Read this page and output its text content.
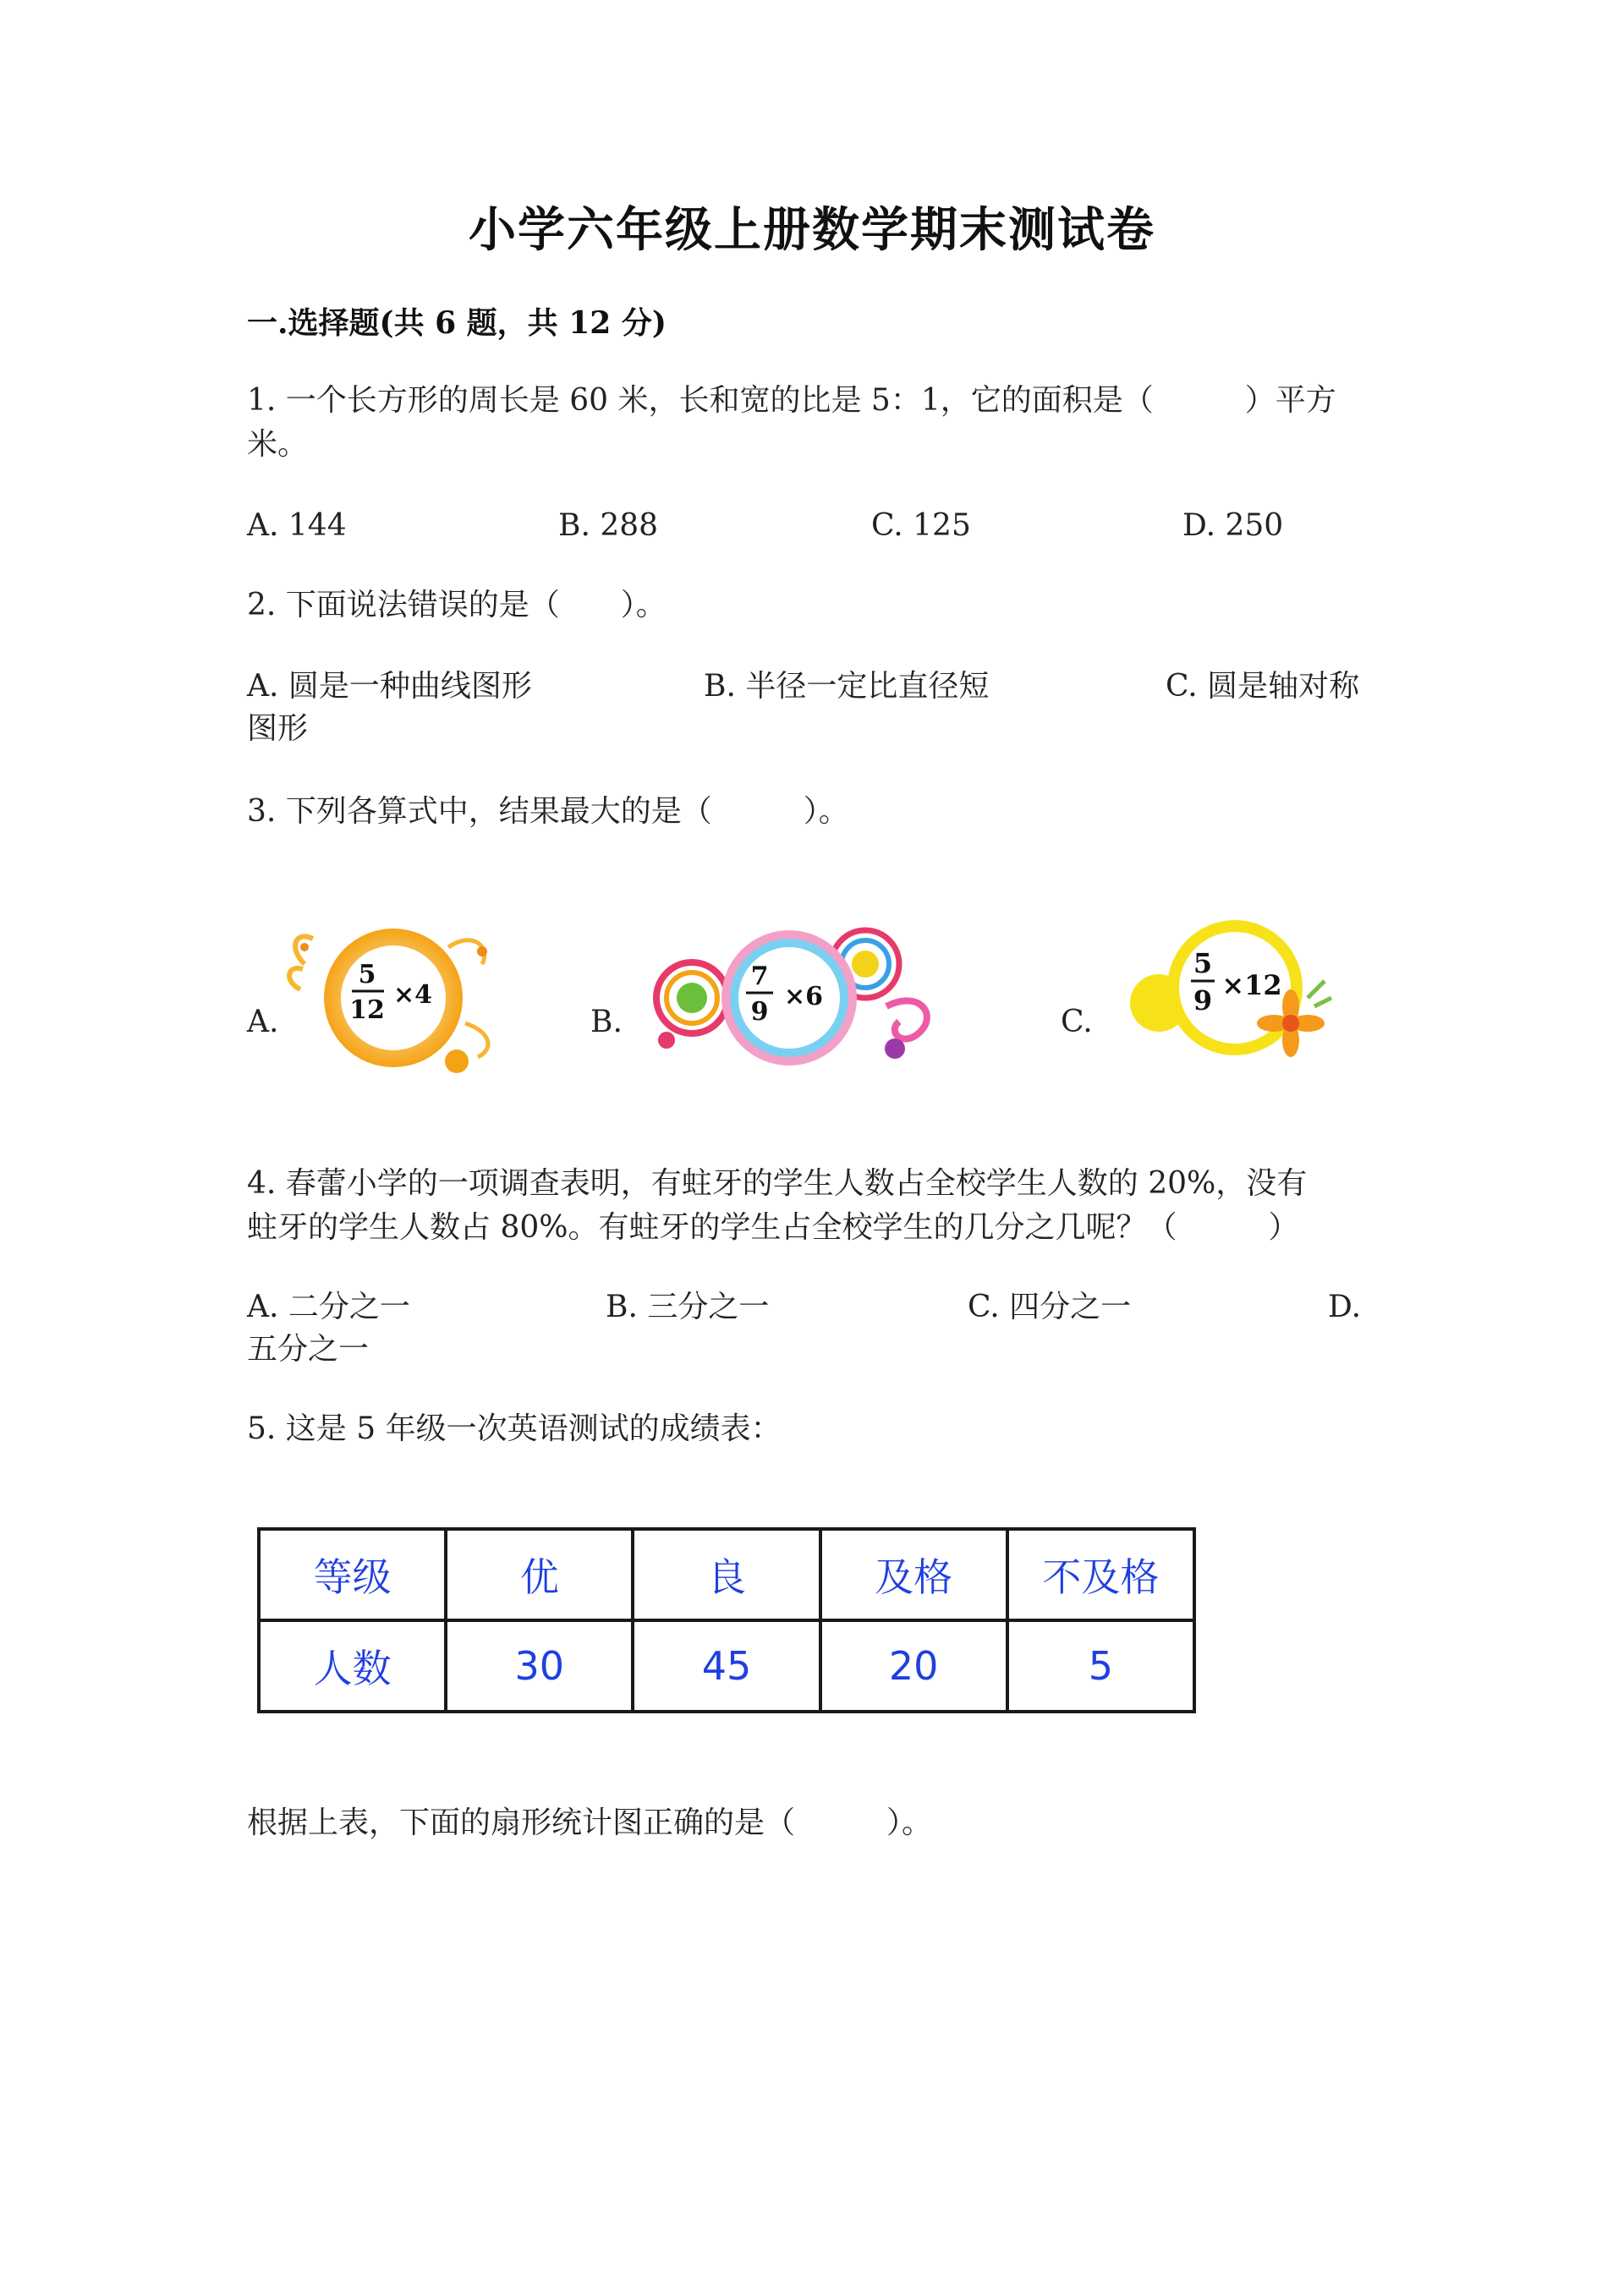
小学六年级上册数学期末测试卷
一.选择题(共 6 题，共 12 分)
1. 一个长方形的周长是 60 米，长和宽的比是 5：1，它的面积是（　　　）平方
米。
A. 144	B. 288	C. 125	D. 250
2. 下面说法错误的是（　　）。
A. 圆是一种曲线图形	B. 半径一定比直径短	C. 圆是轴对称
图形
3. 下列各算式中，结果最大的是（　　　）。
A.
5
12
×4
B.
7
9
×6
C.
5
9 ×12
4. 春蕾小学的一项调查表明，有蛀牙的学生人数占全校学生人数的 20%，没有
蛀牙的学生人数占 80%。有蛀牙的学生占全校学生的几分之几呢？（　　　）
A. 二分之一	B. 三分之一	C. 四分之一	D.
五分之一
5. 这是 5 年级一次英语测试的成绩表：
等级	优	良	及格	不及格
人数	30	45	20	5
根据上表，下面的扇形统计图正确的是（　　　）。
